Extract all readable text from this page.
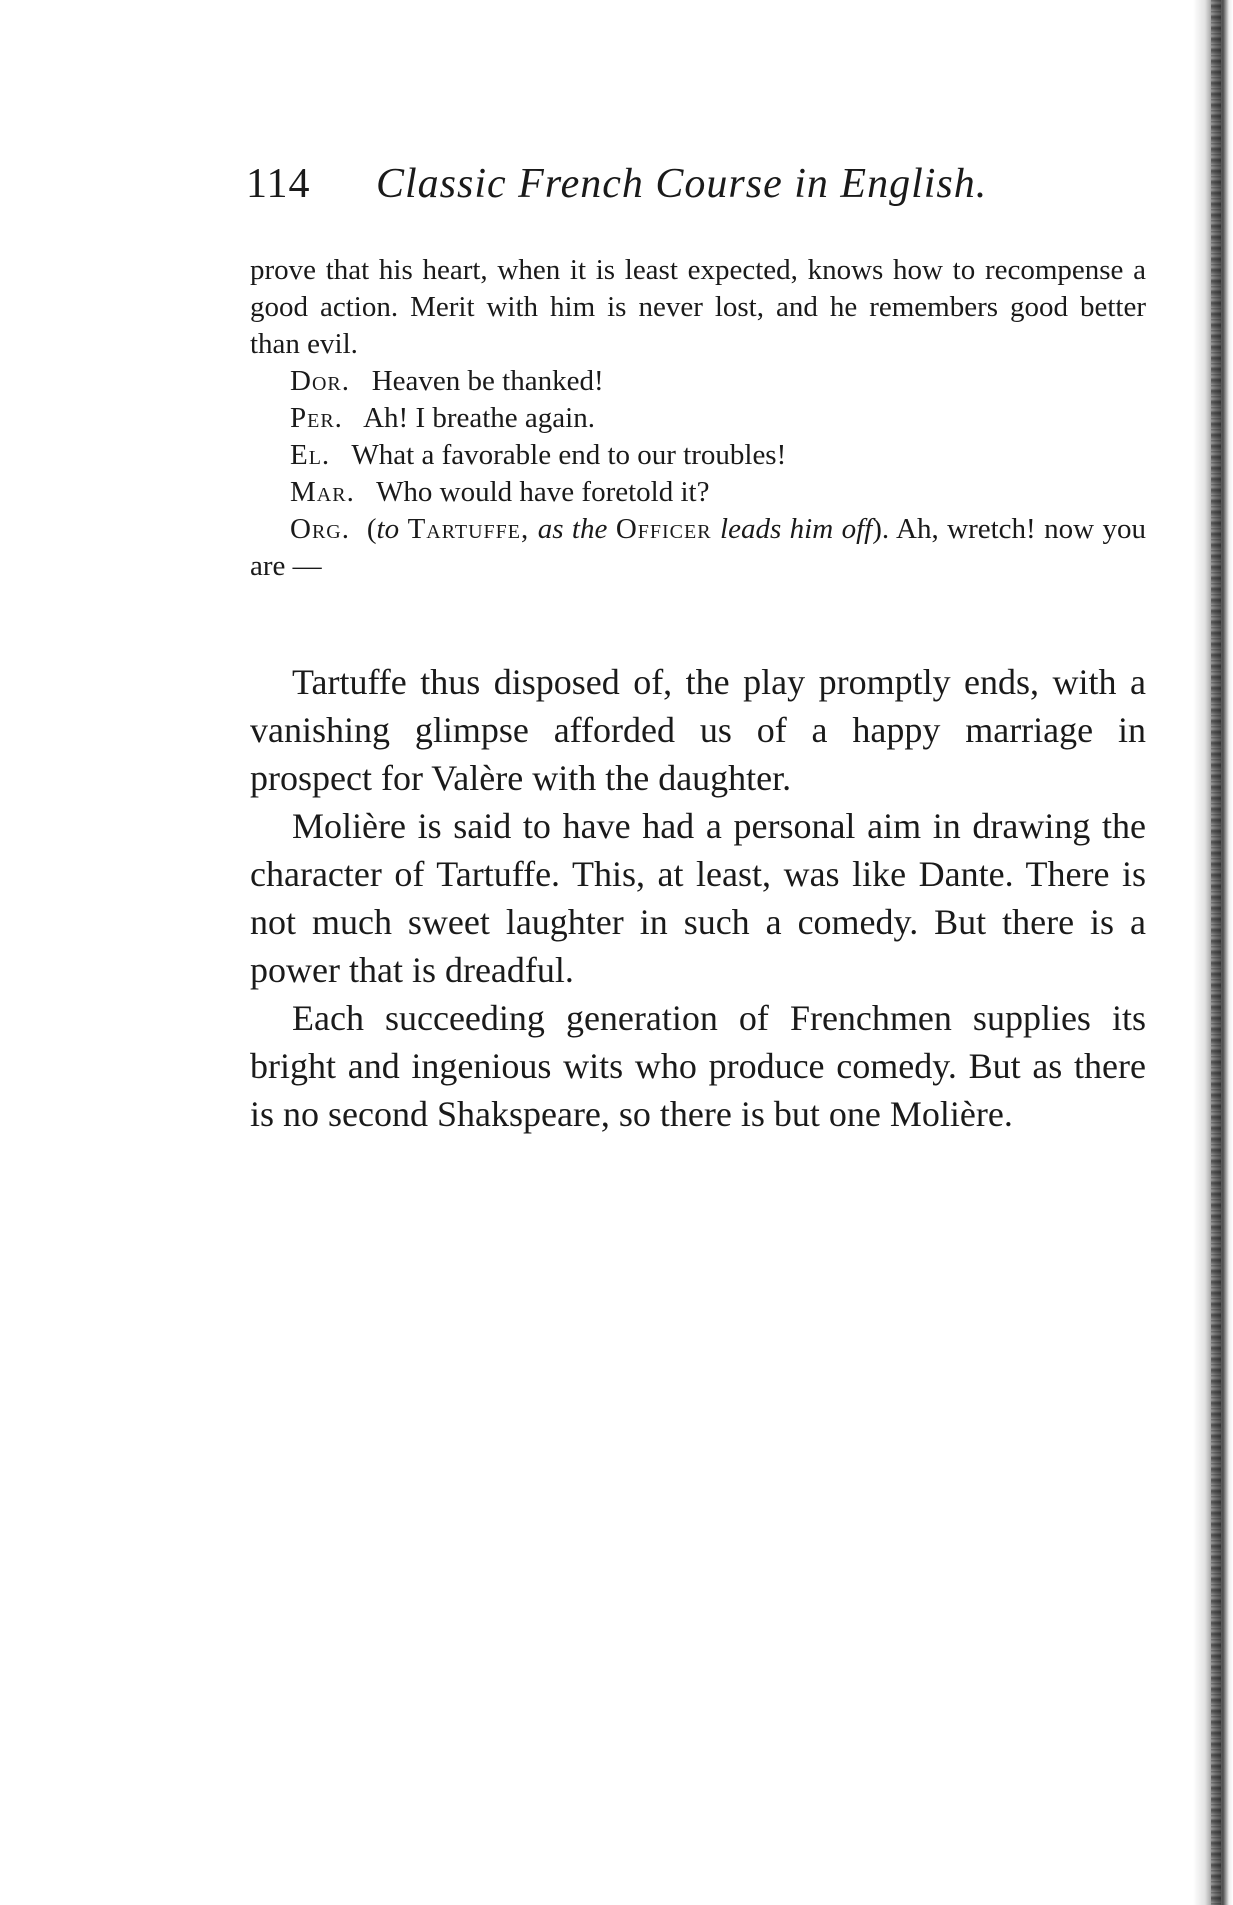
114 Classic French Course in English.

prove that his heart, when it is least expected, knows how to recompense a good action. Merit with him is never lost, and he remembers good better than evil.

Dor. Heaven be thanked!

Per. Ah! I breathe again.

El. What a favorable end to our troubles!

Mar. Who would have foretold it?

Org. (to Tartuffe, as the Officer leads him off). Ah, wretch! now you are —

Tartuffe thus disposed of, the play promptly ends, with a vanishing glimpse afforded us of a happy marriage in prospect for Valère with the daughter.

Molière is said to have had a personal aim in drawing the character of Tartuffe. This, at least, was like Dante. There is not much sweet laughter in such a comedy. But there is a power that is dreadful.

Each succeeding generation of Frenchmen supplies its bright and ingenious wits who produce comedy. But as there is no second Shakspeare, so there is but one Molière.
